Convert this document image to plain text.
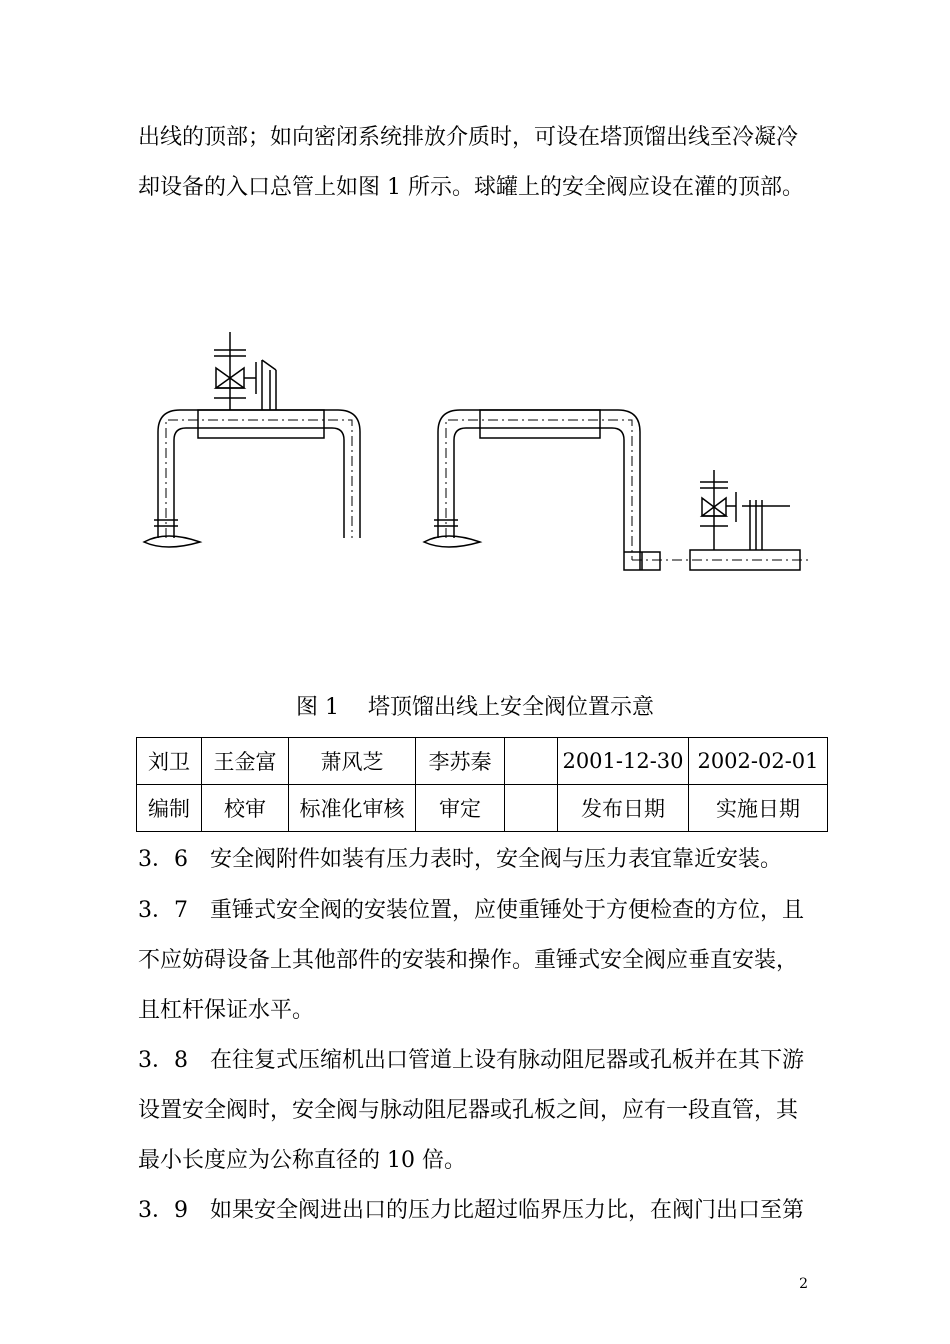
出线的顶部；如向密闭系统排放介质时，可设在塔顶馏出线至冷凝冷

却设备的入口总管上如图 1 所示。球罐上的安全阀应设在灌的顶部。

图 1　 塔顶馏出线上安全阀位置示意
刘卫	王金富	萧风芝	李苏秦		2001-12-30	2002-02-01
编制	校审	标准化审核	审定		发布日期	实施日期

3．6　安全阀附件如装有压力表时，安全阀与压力表宜靠近安装。

3．7　重锤式安全阀的安装位置，应使重锤处于方便检查的方位，且

不应妨碍设备上其他部件的安装和操作。重锤式安全阀应垂直安装，

且杠杆保证水平。

3．8　在往复式压缩机出口管道上设有脉动阻尼器或孔板并在其下游

设置安全阀时，安全阀与脉动阻尼器或孔板之间，应有一段直管，其

最小长度应为公称直径的 10 倍。

3．9　如果安全阀进出口的压力比超过临界压力比，在阀门出口至第

2
